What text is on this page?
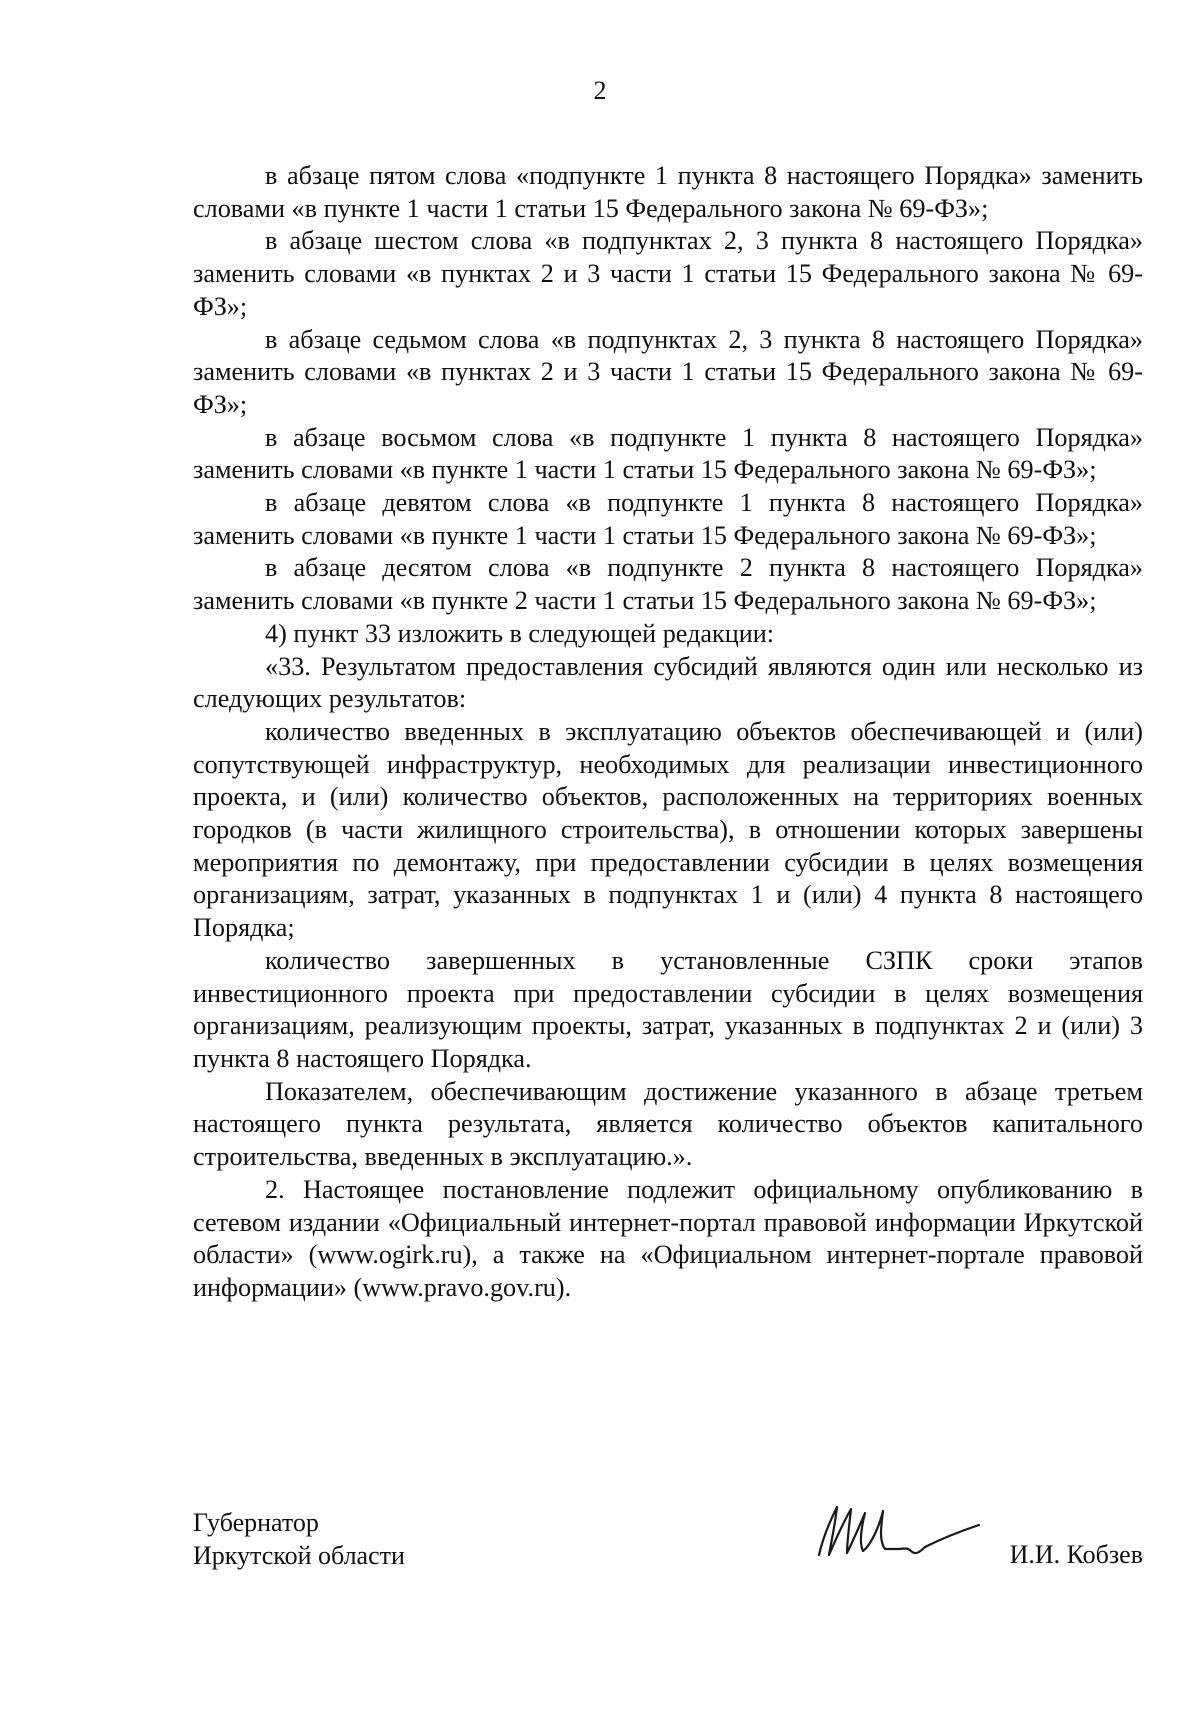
2

в абзаце пятом слова «подпункте 1 пункта 8 настоящего Порядка» заменить словами «в пункте 1 части 1 статьи 15 Федерального закона № 69-ФЗ»;

в абзаце шестом слова «в подпунктах 2, 3 пункта 8 настоящего Порядка» заменить словами «в пунктах 2 и 3 части 1 статьи 15 Федерального закона № 69-ФЗ»;

в абзаце седьмом слова «в подпунктах 2, 3 пункта 8 настоящего Порядка» заменить словами «в пунктах 2 и 3 части 1 статьи 15 Федерального закона № 69-ФЗ»;

в абзаце восьмом слова «в подпункте 1 пункта 8 настоящего Порядка» заменить словами «в пункте 1 части 1 статьи 15 Федерального закона № 69-ФЗ»;

в абзаце девятом слова «в подпункте 1 пункта 8 настоящего Порядка» заменить словами «в пункте 1 части 1 статьи 15 Федерального закона № 69-ФЗ»;

в абзаце десятом слова «в подпункте 2 пункта 8 настоящего Порядка» заменить словами «в пункте 2 части 1 статьи 15 Федерального закона № 69-ФЗ»;

4) пункт 33 изложить в следующей редакции:

«33. Результатом предоставления субсидий являются один или несколько из следующих результатов:

количество введенных в эксплуатацию объектов обеспечивающей и (или) сопутствующей инфраструктур, необходимых для реализации инвестиционного проекта, и (или) количество объектов, расположенных на территориях военных городков (в части жилищного строительства), в отношении которых завершены мероприятия по демонтажу, при предоставлении субсидии в целях возмещения организациям, затрат, указанных в подпунктах 1 и (или) 4 пункта 8 настоящего Порядка;

количество завершенных в установленные СЗПК сроки этапов инвестиционного проекта при предоставлении субсидии в целях возмещения организациям, реализующим проекты, затрат, указанных в подпунктах 2 и (или) 3 пункта 8 настоящего Порядка.

Показателем, обеспечивающим достижение указанного в абзаце третьем настоящего пункта результата, является количество объектов капитального строительства, введенных в эксплуатацию.».

2. Настоящее постановление подлежит официальному опубликованию в сетевом издании «Официальный интернет-портал правовой информации Иркутской области» (www.ogirk.ru), а также на «Официальном интернет-портале правовой информации» (www.pravo.gov.ru).

Губернатор
Иркутской области	И.И. Кобзев
